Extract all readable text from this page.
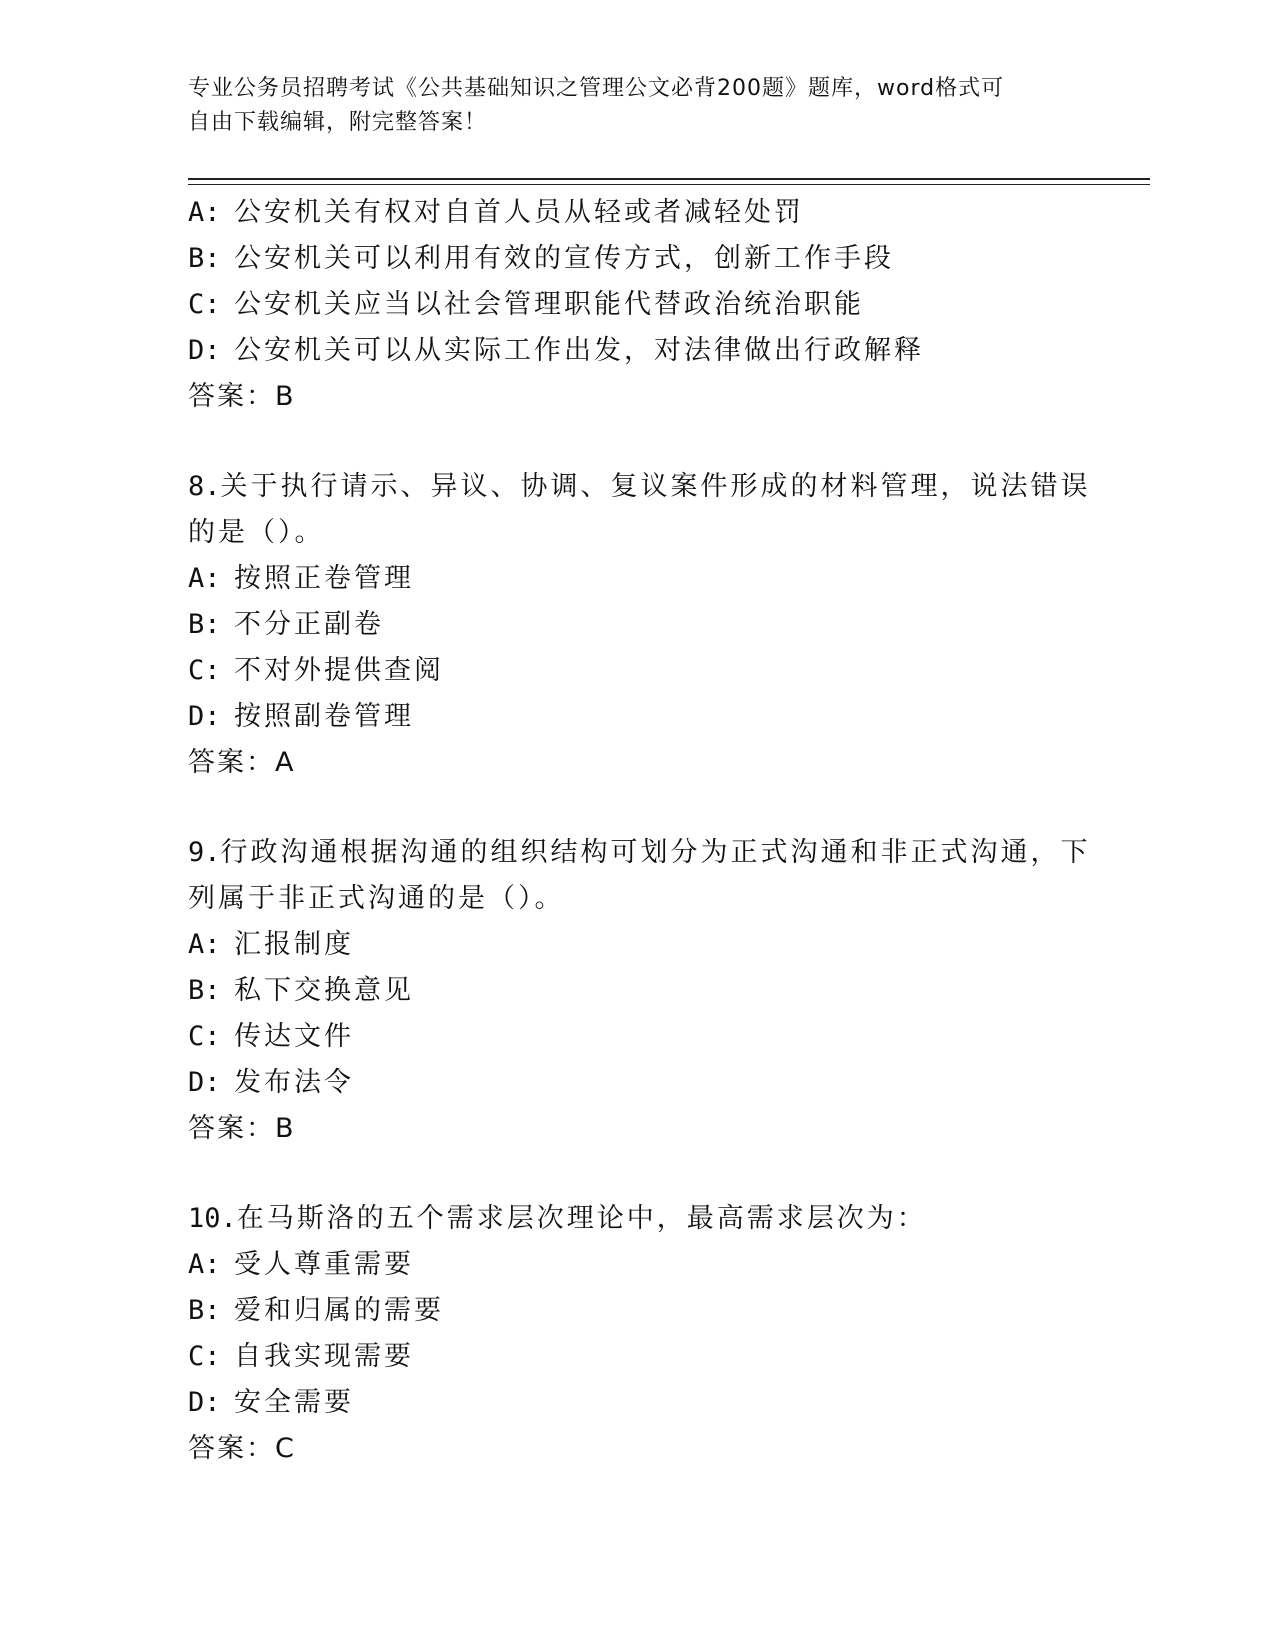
专业公务员招聘考试《公共基础知识之管理公文必背200题》题库，word格式可
自由下载编辑，附完整答案！
A: 公安机关有权对自首人员从轻或者减轻处罚
B: 公安机关可以利用有效的宣传方式，创新工作手段
C: 公安机关应当以社会管理职能代替政治统治职能
D: 公安机关可以从实际工作出发，对法律做出行政解释
答案：B
8.关于执行请示、异议、协调、复议案件形成的材料管理，说法错误
的是（）。
A: 按照正卷管理
B: 不分正副卷
C: 不对外提供查阅
D: 按照副卷管理
答案：A
9.行政沟通根据沟通的组织结构可划分为正式沟通和非正式沟通，下
列属于非正式沟通的是（）。
A: 汇报制度
B: 私下交换意见
C: 传达文件
D: 发布法令
答案：B
10.在马斯洛的五个需求层次理论中，最高需求层次为：
A: 受人尊重需要
B: 爱和归属的需要
C: 自我实现需要
D: 安全需要
答案：C
